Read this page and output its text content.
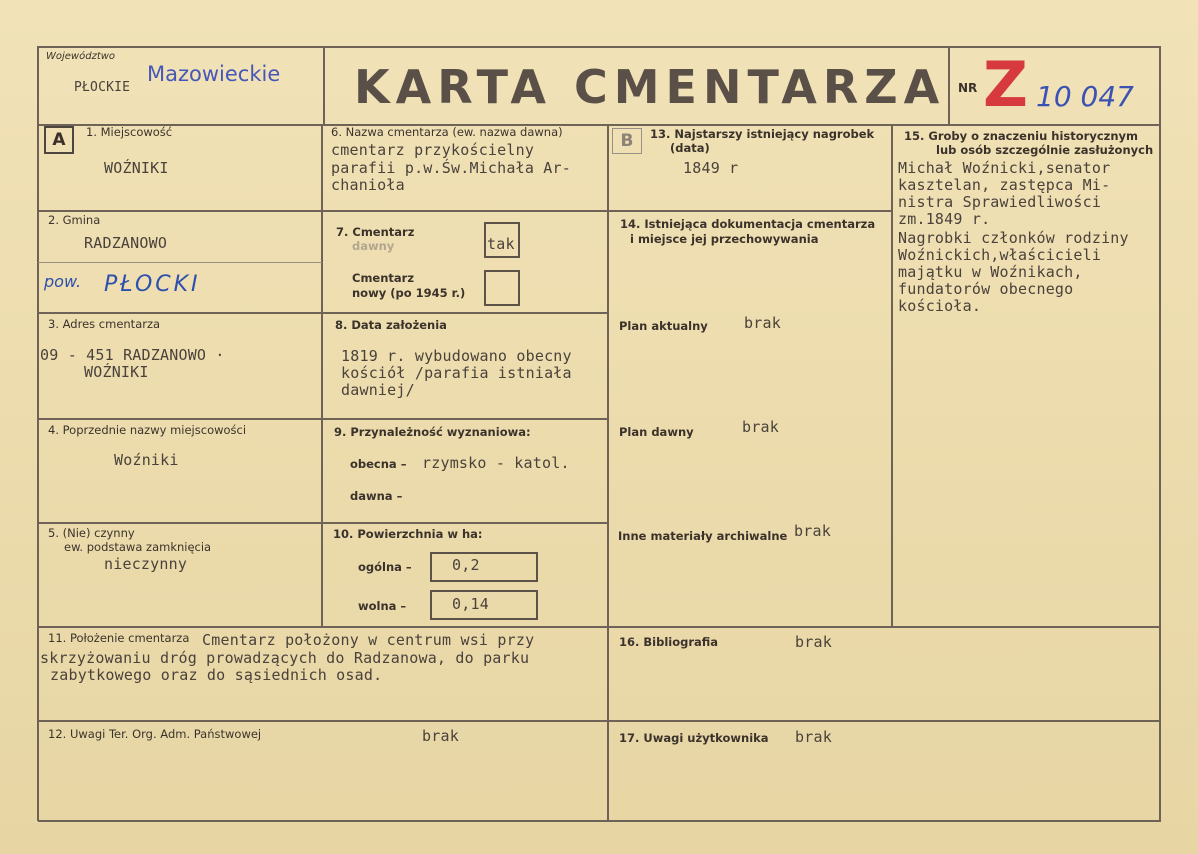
Województwo
PŁOCKIE
Mazowieckie KARTA CMENTARZA NR Z 10 047
A	B
1. Miejscowość
WOŹNIKI
2. Gmina
RADZANOWO
pow. PŁOCKI
3. Adres cmentarza
09 - 451 RADZANOWO ·
WOŹNIKI
4. Poprzednie nazwy miejscowości
Woźniki
5. (Nie) czynny
ew. podstawa zamknięcia
nieczynny
6. Nazwa cmentarza (ew. nazwa dawna)
cmentarz przykościelny
parafii p.w.Św.Michała Ar-
chanioła
7. Cmentarz
dawny	tak
Cmentarz
nowy (po 1945 r.)
8. Data założenia
1819 r. wybudowano obecny
kościół /parafia istniała
dawniej/
9. Przynależność wyznaniowa:
obecna – rzymsko - katol.
dawna –
10. Powierzchnia w ha:
ogólna –	0,2
wolna –	0,14
11. Położenie cmentarza Cmentarz położony w centrum wsi przy
skrzyżowaniu dróg prowadzących do Radzanowa, do parku
zabytkowego oraz do sąsiednich osad.
12. Uwagi Ter. Org. Adm. Państwowej	brak
13. Najstarszy istniejący nagrobek
(data)
1849 r
14. Istniejąca dokumentacja cmentarza
i miejsce jej przechowywania
Plan aktualny brak
Plan dawny	brak
Inne materiały archiwalne brak
15. Groby o znaczeniu historycznym
lub osób szczególnie zasłużonych
Michał Woźnicki,senator
kasztelan, zastępca Mi-
nistra Sprawiedliwości
zm.1849 r.
Nagrobki członków rodziny
Woźnickich,właścicieli
majątku w Woźnikach,
fundatorów obecnego
kościoła.
16. Bibliografia	brak
17. Uwagi użytkownika brak
